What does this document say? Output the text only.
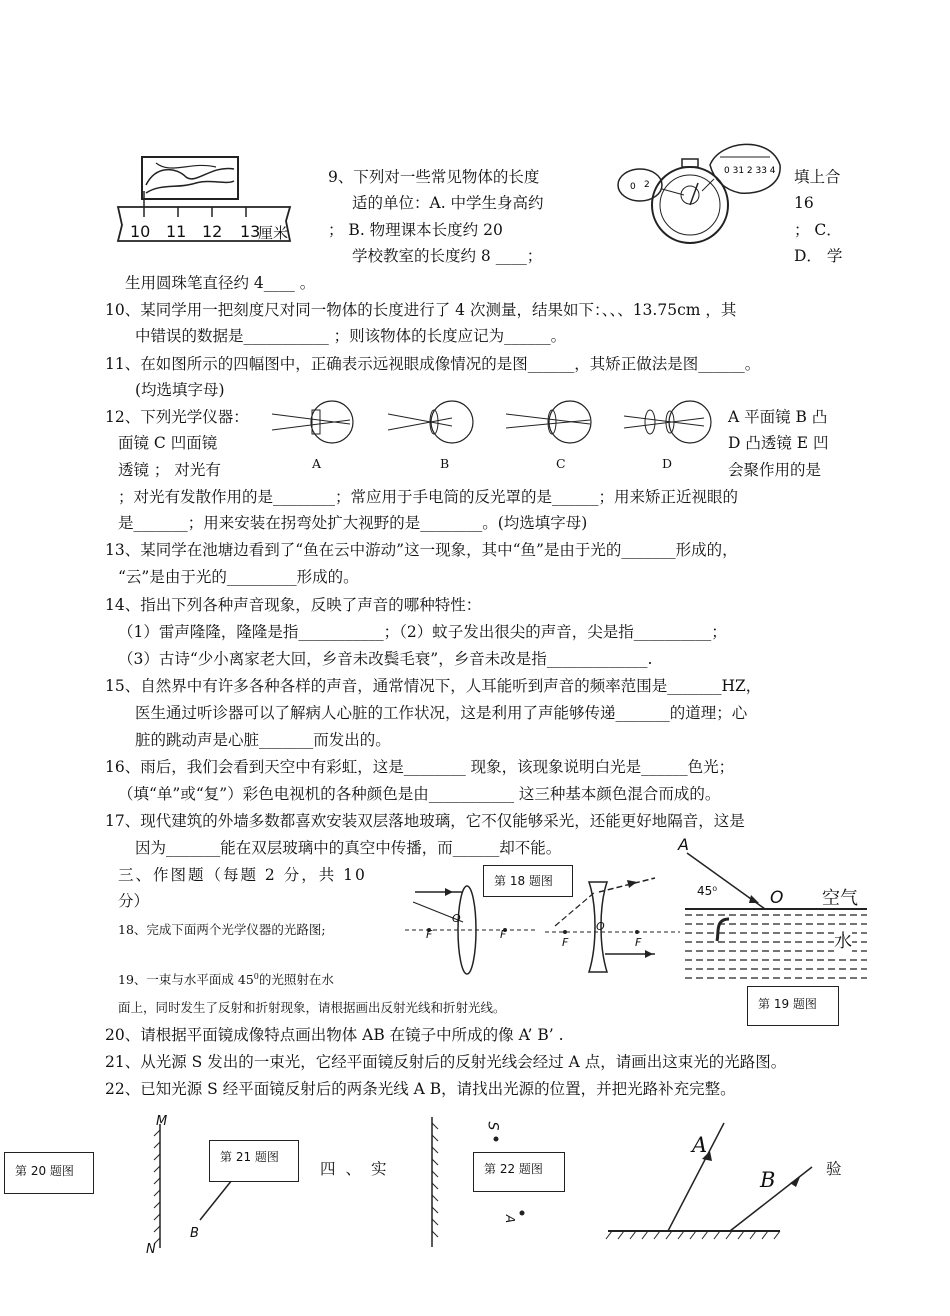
10 11 12 13
厘米
9、下列对一些常见物体的长度
适的单位：A. 中学生身高约
； B. 物理课本长度约 20
学校教室的长度约 8 ____；
填上合
16
； C．
D． 学
0 2
0 31 2 33 4
生用圆珠笔直径约 4____ 。
10、某同学用一把刻度尺对同一物体的长度进行了 4 次测量，结果如下：、、、13.75cm ，其
中错误的数据是___________ ；则该物体的长度应记为______。
11、在如图所示的四幅图中，正确表示远视眼成像情况的是图______，其矫正做法是图______。
(均选填字母)
12、下列光学仪器：
面镜 C 凹面镜
透镜 ； 对光有
A 平面镜 B 凸
D 凸透镜 E 凹
会聚作用的是
A	B	C	D
；对光有发散作用的是________；常应用于手电筒的反光罩的是______；用来矫正近视眼的
是_______；用来安装在拐弯处扩大视野的是________。(均选填字母)
13、某同学在池塘边看到了“鱼在云中游动”这一现象，其中“鱼”是由于光的_______形成的，
“云”是由于光的_________形成的。
14、指出下列各种声音现象，反映了声音的哪种特性：
（1）雷声隆隆，隆隆是指___________；（2）蚊子发出很尖的声音，尖是指__________；
（3）古诗“少小离家老大回，乡音未改鬓毛衰”，乡音未改是指_____________.
15、自然界中有许多各种各样的声音，通常情况下，人耳能听到声音的频率范围是_______HZ，
医生通过听诊器可以了解病人心脏的工作状况，这是利用了声能够传递_______的道理；心
脏的跳动声是心脏_______而发出的。
16、雨后，我们会看到天空中有彩虹，这是________ 现象，该现象说明白光是______色光；
（填“单”或“复”）彩色电视机的各种颜色是由___________ 这三种基本颜色混合而成的。
17、现代建筑的外墙多数都喜欢安装双层落地玻璃，它不仅能够采光，还能更好地隔音，这是
因为_______能在双层玻璃中的真空中传播，而______却不能。
三、作图题（每题 2 分，共 10
分）
18、完成下面两个光学仪器的光路图;
第 18 题图
F	F
O
F	F
O
A
45⁰	O 空气
水
19、一束与水平面成 $45^0$的光照射在水
面上，同时发生了反射和折射现象，请根据画出反射光线和折射光线。	第 19 题图
20、请根据平面镜成像特点画出物体 AB 在镜子中所成的像 A’ B’ .
21、从光源 S 发出的一束光，它经平面镜反射后的反射光线会经过 A 点，请画出这束光的光路图。
22、已知光源 S 经平面镜反射后的两条光线 A B，请找出光源的位置，并把光路补充完整。
第 20 题图
M
N
B
第 21 题图
四、实
S
第 22 题图
A
A
B	验
